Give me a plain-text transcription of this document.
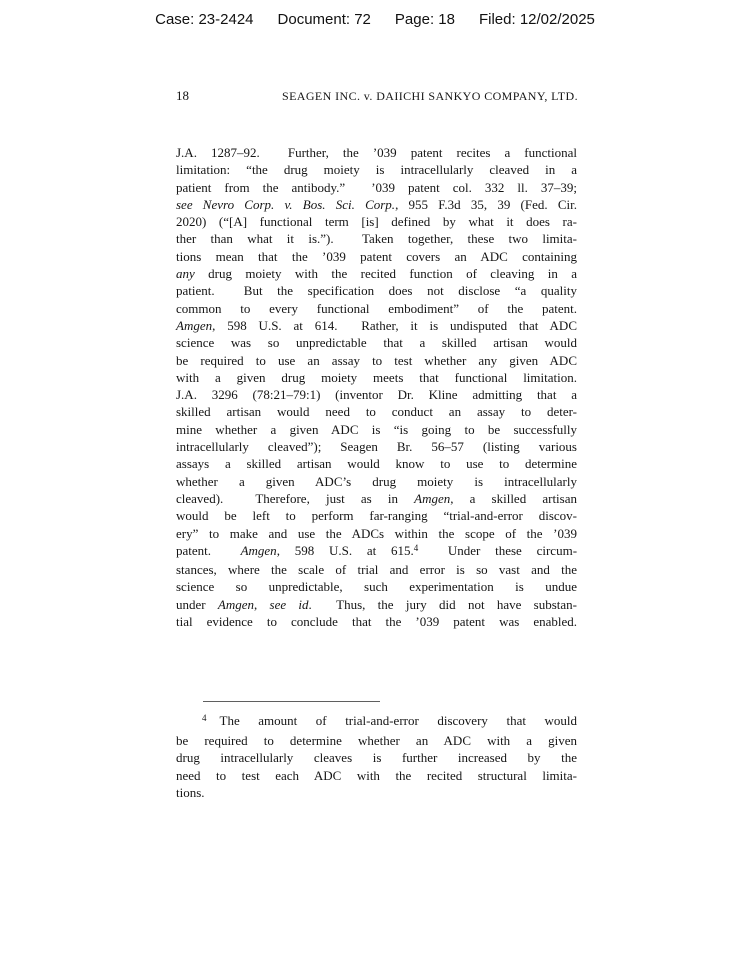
Case: 23-2424 Document: 72 Page: 18 Filed: 12/02/2025
18	SEAGEN INC. v. DAIICHI SANKYO COMPANY, LTD.
J.A. 1287–92.  Further, the ’039 patent recites a functional
limitation: “the drug moiety is intracellularly cleaved in a
patient from the antibody.”  ’039 patent col. 332 ll. 37–39;
see Nevro Corp. v. Bos. Sci. Corp., 955 F.3d 35, 39 (Fed. Cir.
2020) (“[A] functional term [is] defined by what it does ra-
ther than what it is.”).  Taken together, these two limita-
tions mean that the ’039 patent covers an ADC containing
any drug moiety with the recited function of cleaving in a
patient.  But the specification does not disclose “a quality
common to every functional embodiment” of the patent.
Amgen, 598 U.S. at 614.  Rather, it is undisputed that ADC
science was so unpredictable that a skilled artisan would
be required to use an assay to test whether any given ADC
with a given drug moiety meets that functional limitation.
J.A. 3296 (78:21–79:1) (inventor Dr. Kline admitting that a
skilled artisan would need to conduct an assay to deter-
mine whether a given ADC is “is going to be successfully
intracellularly cleaved”); Seagen Br. 56–57 (listing various
assays a skilled artisan would know to use to determine
whether a given ADC’s drug moiety is intracellularly
cleaved).  Therefore, just as in Amgen, a skilled artisan
would be left to perform far-ranging “trial-and-error discov-
ery” to make and use the ADCs within the scope of the ’039
patent.  Amgen, 598 U.S. at 615.$^4$  Under these circum-
stances, where the scale of trial and error is so vast and the
science so unpredictable, such experimentation is undue
under Amgen, see id.  Thus, the jury did not have substan-
tial evidence to conclude that the ’039 patent was enabled.
$^4$ The amount of trial-and-error discovery that would
be required to determine whether an ADC with a given
drug intracellularly cleaves is further increased by the
need to test each ADC with the recited structural limita-
tions.
